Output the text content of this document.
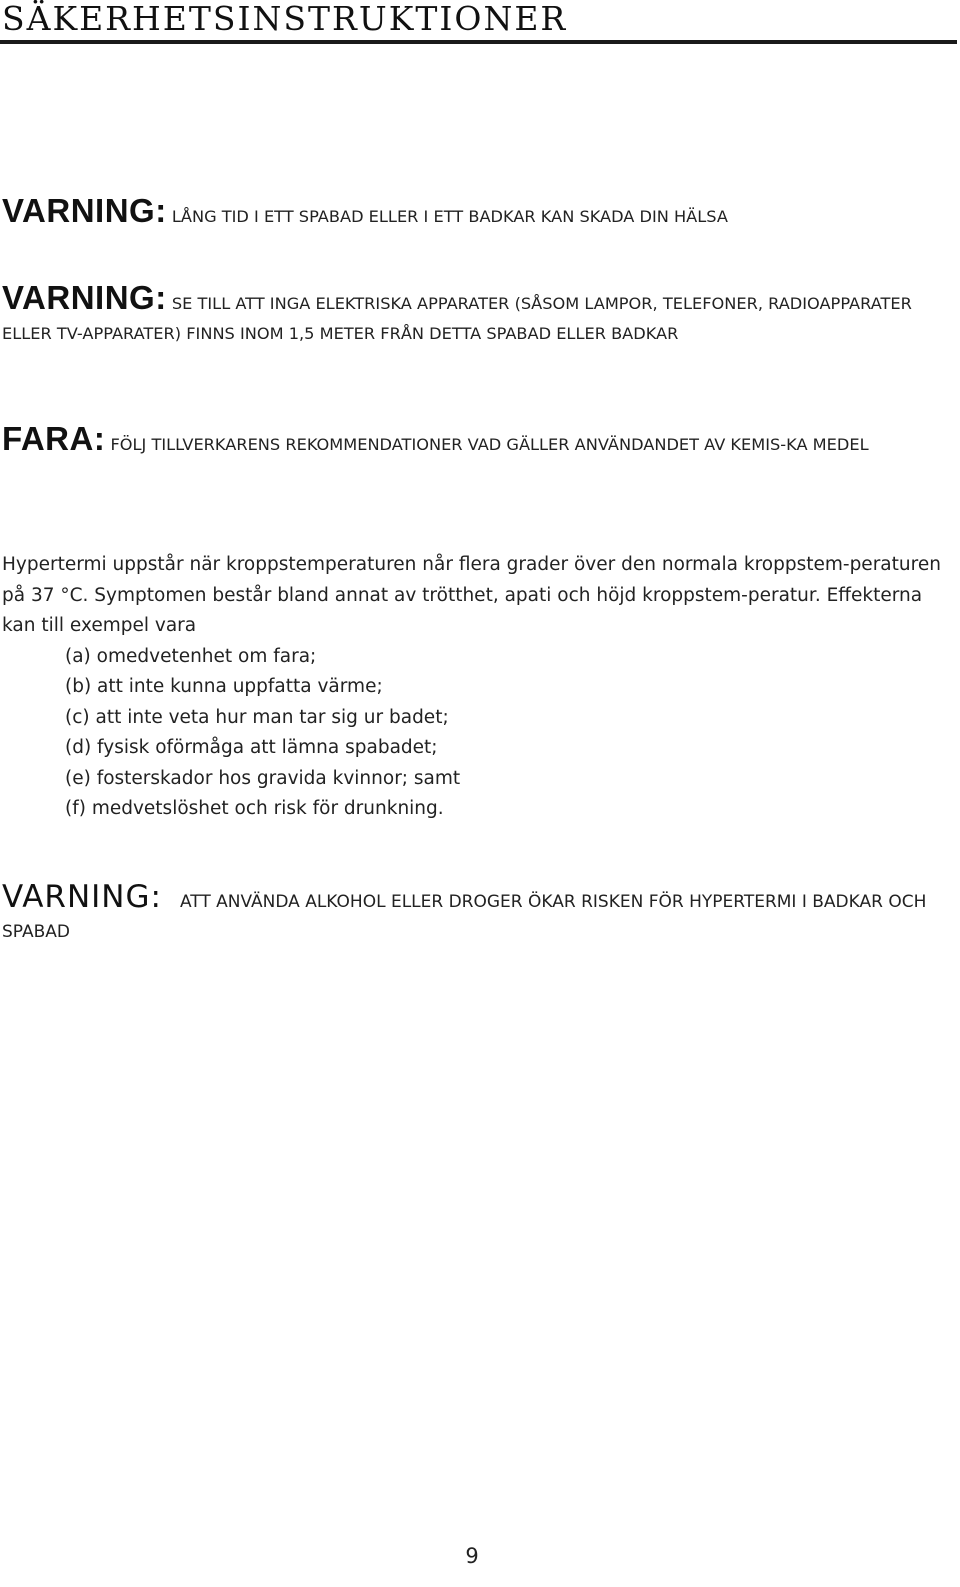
SÄKERHETSINSTRUKTIONER
VARNING: LÅNG TID I ETT SPABAD ELLER I ETT BADKAR KAN SKADA DIN HÄLSA
VARNING: SE TILL ATT INGA ELEKTRISKA APPARATER (SÅSOM LAMPOR, TELEFONER, RADIOAPPARATER ELLER TV-APPARATER) FINNS INOM 1,5 METER FRÅN DETTA SPABAD ELLER BADKAR
FARA: FÖLJ TILLVERKARENS REKOMMENDATIONER VAD GÄLLER ANVÄNDANDET AV KEMIS-KA MEDEL
Hypertermi uppstår när kroppstemperaturen når flera grader över den normala kroppstem-peraturen på 37 °C. Symptomen består bland annat av trötthet, apati och höjd kroppstem-peratur. Effekterna kan till exempel vara
(a) omedvetenhet om fara;
(b) att inte kunna uppfatta värme;
(c) att inte veta hur man tar sig ur badet;
(d) fysisk oförmåga att lämna spabadet;
(e) fosterskador hos gravida kvinnor; samt
(f) medvetslöshet och risk för drunkning.
VARNING: ATT ANVÄNDA ALKOHOL ELLER DROGER ÖKAR RISKEN FÖR HYPERTERMI I BADKAR OCH SPABAD
9
